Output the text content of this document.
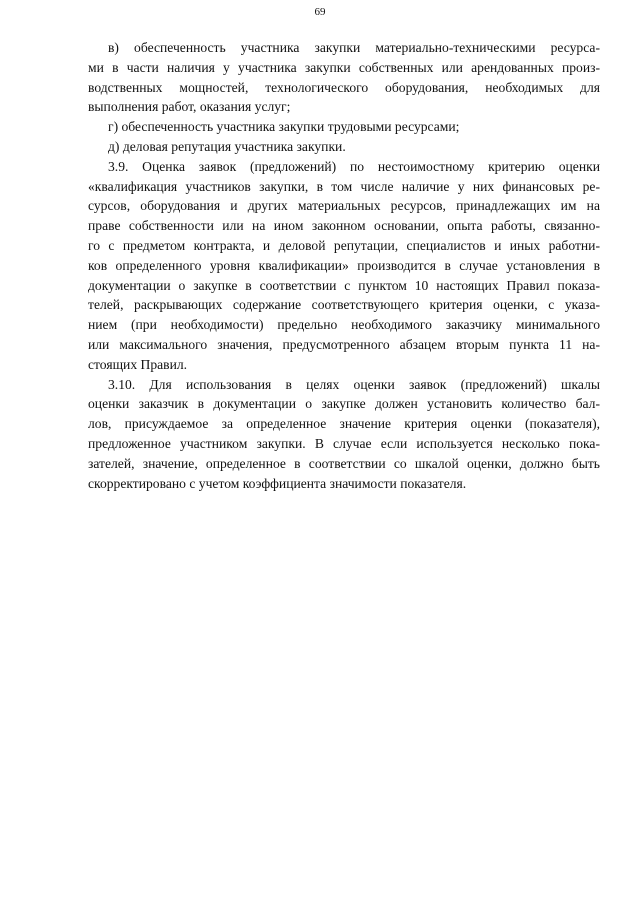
69
в) обеспеченность участника закупки материально-техническими ресурса-
ми в части наличия у участника закупки собственных или арендованных произ-
водственных мощностей, технологического оборудования, необходимых для
выполнения работ, оказания услуг;
г) обеспеченность участника закупки трудовыми ресурсами;
д) деловая репутация участника закупки.
3.9. Оценка заявок (предложений) по нестоимостному критерию оценки
«квалификация участников закупки, в том числе наличие у них финансовых ре-
сурсов, оборудования и других материальных ресурсов, принадлежащих им на
праве собственности или на ином законном основании, опыта работы, связанно-
го с предметом контракта, и деловой репутации, специалистов и иных работни-
ков определенного уровня квалификации» производится в случае установления в
документации о закупке в соответствии с пунктом 10 настоящих Правил показа-
телей, раскрывающих содержание соответствующего критерия оценки, с указа-
нием (при необходимости) предельно необходимого заказчику минимального
или максимального значения, предусмотренного абзацем вторым пункта 11 на-
стоящих Правил.
3.10. Для использования в целях оценки заявок (предложений) шкалы
оценки заказчик в документации о закупке должен установить количество бал-
лов, присуждаемое за определенное значение критерия оценки (показателя),
предложенное участником закупки. В случае если используется несколько пока-
зателей, значение, определенное в соответствии со шкалой оценки, должно быть
скорректировано с учетом коэффициента значимости показателя.
